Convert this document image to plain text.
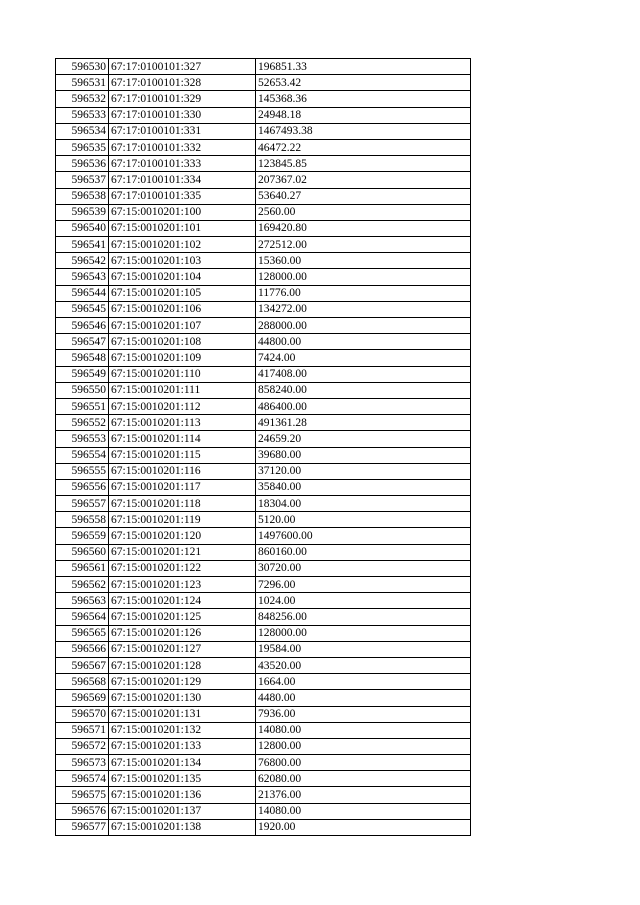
596530	67:17:0100101:327	196851.33
596531	67:17:0100101:328	52653.42
596532	67:17:0100101:329	145368.36
596533	67:17:0100101:330	24948.18
596534	67:17:0100101:331	1467493.38
596535	67:17:0100101:332	46472.22
596536	67:17:0100101:333	123845.85
596537	67:17:0100101:334	207367.02
596538	67:17:0100101:335	53640.27
596539	67:15:0010201:100	2560.00
596540	67:15:0010201:101	169420.80
596541	67:15:0010201:102	272512.00
596542	67:15:0010201:103	15360.00
596543	67:15:0010201:104	128000.00
596544	67:15:0010201:105	11776.00
596545	67:15:0010201:106	134272.00
596546	67:15:0010201:107	288000.00
596547	67:15:0010201:108	44800.00
596548	67:15:0010201:109	7424.00
596549	67:15:0010201:110	417408.00
596550	67:15:0010201:111	858240.00
596551	67:15:0010201:112	486400.00
596552	67:15:0010201:113	491361.28
596553	67:15:0010201:114	24659.20
596554	67:15:0010201:115	39680.00
596555	67:15:0010201:116	37120.00
596556	67:15:0010201:117	35840.00
596557	67:15:0010201:118	18304.00
596558	67:15:0010201:119	5120.00
596559	67:15:0010201:120	1497600.00
596560	67:15:0010201:121	860160.00
596561	67:15:0010201:122	30720.00
596562	67:15:0010201:123	7296.00
596563	67:15:0010201:124	1024.00
596564	67:15:0010201:125	848256.00
596565	67:15:0010201:126	128000.00
596566	67:15:0010201:127	19584.00
596567	67:15:0010201:128	43520.00
596568	67:15:0010201:129	1664.00
596569	67:15:0010201:130	4480.00
596570	67:15:0010201:131	7936.00
596571	67:15:0010201:132	14080.00
596572	67:15:0010201:133	12800.00
596573	67:15:0010201:134	76800.00
596574	67:15:0010201:135	62080.00
596575	67:15:0010201:136	21376.00
596576	67:15:0010201:137	14080.00
596577	67:15:0010201:138	1920.00
